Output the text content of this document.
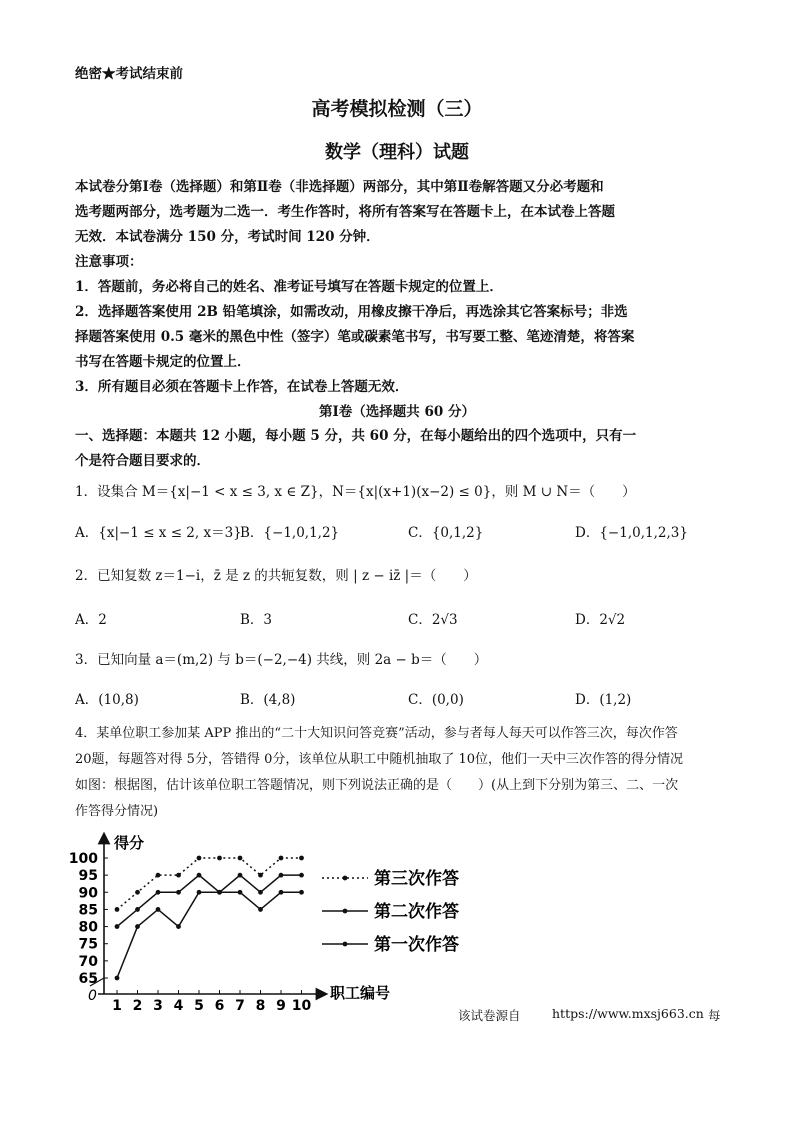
绝密★考试结束前
高考模拟检测（三）
数学（理科）试题
本试卷分第Ⅰ卷（选择题）和第Ⅱ卷（非选择题）两部分，其中第Ⅱ卷解答题又分必考题和
选考题两部分，选考题为二选一．考生作答时，将所有答案写在答题卡上，在本试卷上答题
无效．本试卷满分 150 分，考试时间 120 分钟．
注意事项：
1．答题前，务必将自己的姓名、准考证号填写在答题卡规定的位置上．
2．选择题答案使用 2B 铅笔填涂，如需改动，用橡皮擦干净后，再选涂其它答案标号；非选
择题答案使用 0.5 毫米的黑色中性（签字）笔或碳素笔书写，书写要工整、笔迹清楚，将答案
书写在答题卡规定的位置上．
3．所有题目必须在答题卡上作答，在试卷上答题无效．
第Ⅰ卷（选择题共 60 分）
一、选择题：本题共 12 小题，每小题 5 分，共 60 分，在每小题给出的四个选项中，只有一
个是符合题目要求的．
1．设集合 M＝{x|−1 < x ≤ 3, x ∈ Z}，N＝{x|(x+1)(x−2) ≤ 0}，则 M ∪ N＝（　　）
A．{x|−1 ≤ x ≤ 2, x＝3}
B．{−1,0,1,2}	C．{0,1,2}	D．{−1,0,1,2,3}
2．已知复数 z＝1−i，z̄ 是 z 的共轭复数，则 | z − iz̄ |＝（　　）
A．2	B．3	C．2√3	D．2√2
3．已知向量 a＝(m,2) 与 b＝(−2,−4) 共线，则 2a − b＝（　　）
A．(10,8)	B．(4,8)	C．(0,0)	D．(1,2)
4．某单位职工参加某 APP 推出的“二十大知识问答竞赛”活动，参与者每人每天可以作答三次，每次作答
20题，每题答对得 5分，答错得 0分，该单位从职工中随机抽取了 10位，他们一天中三次作答的得分情况
如图：根据图，估计该单位职工答题情况，则下列说法正确的是（　　）(从上到下分别为第三、二、一次
作答得分情况)
得分
职工编号
0
1 2 3 4 5 6 7 8 9 10
65
70
75
80
85
90
95
100
第三次作答
第二次作答
第一次作答
该试卷源自	https://www.mxsj663.cn 每
